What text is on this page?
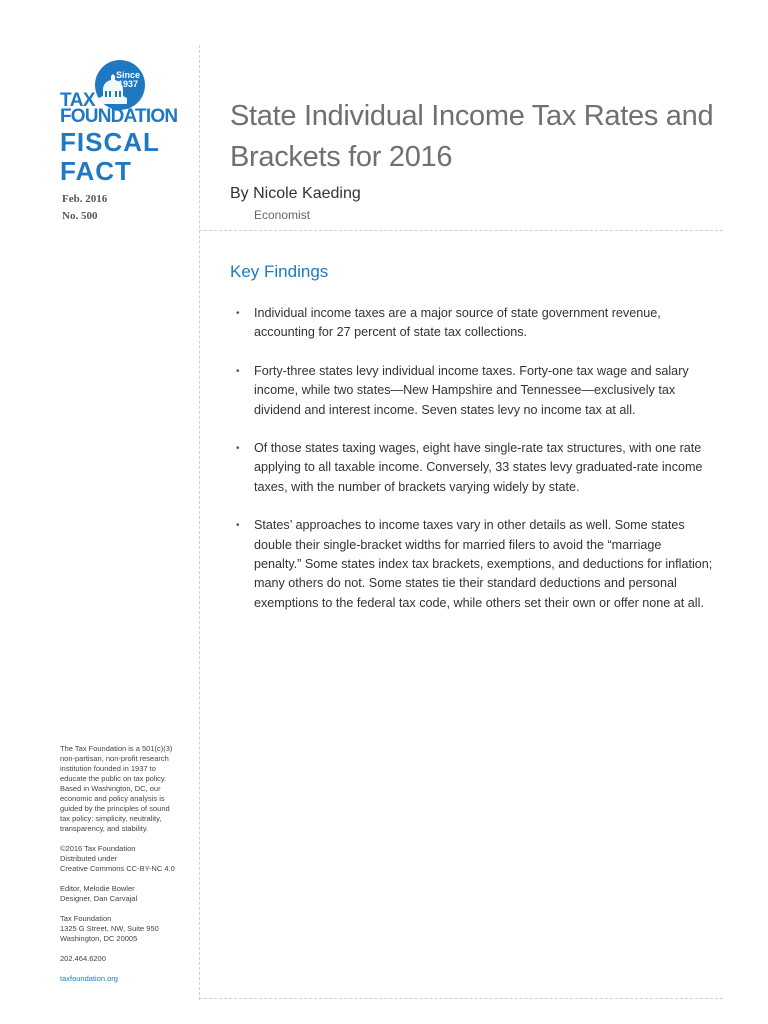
Since
1937
TAX
FOUNDATION
FISCAL
FACT
Feb. 2016
No. 500
State Individual Income Tax Rates and
Brackets for 2016
By Nicole Kaeding
Economist
Key Findings
• Individual income taxes are a major source of state government revenue,
accounting for 27 percent of state tax collections.
• Forty-three states levy individual income taxes. Forty-one tax wage and salary
income, while two states—New Hampshire and Tennessee—exclusively tax
dividend and interest income. Seven states levy no income tax at all.
• Of those states taxing wages, eight have single-rate tax structures, with one rate
applying to all taxable income. Conversely, 33 states levy graduated-rate income
taxes, with the number of brackets varying widely by state.
• States’ approaches to income taxes vary in other details as well. Some states
double their single-bracket widths for married filers to avoid the “marriage
penalty.” Some states index tax brackets, exemptions, and deductions for inflation;
many others do not. Some states tie their standard deductions and personal
exemptions to the federal tax code, while others set their own or offer none at all.

The Tax Foundation is a 501(c)(3)
non-partisan, non-profit research
institution founded in 1937 to
educate the public on tax policy.
Based in Washington, DC, our
economic and policy analysis is
guided by the principles of sound
tax policy: simplicity, neutrality,
transparency, and stability.

©2016 Tax Foundation
Distributed under
Creative Commons CC-BY-NC 4.0

Editor, Melodie Bowler
Designer, Dan Carvajal

Tax Foundation
1325 G Street, NW, Suite 950
Washington, DC 20005

202.464.6200

taxfoundation.org
